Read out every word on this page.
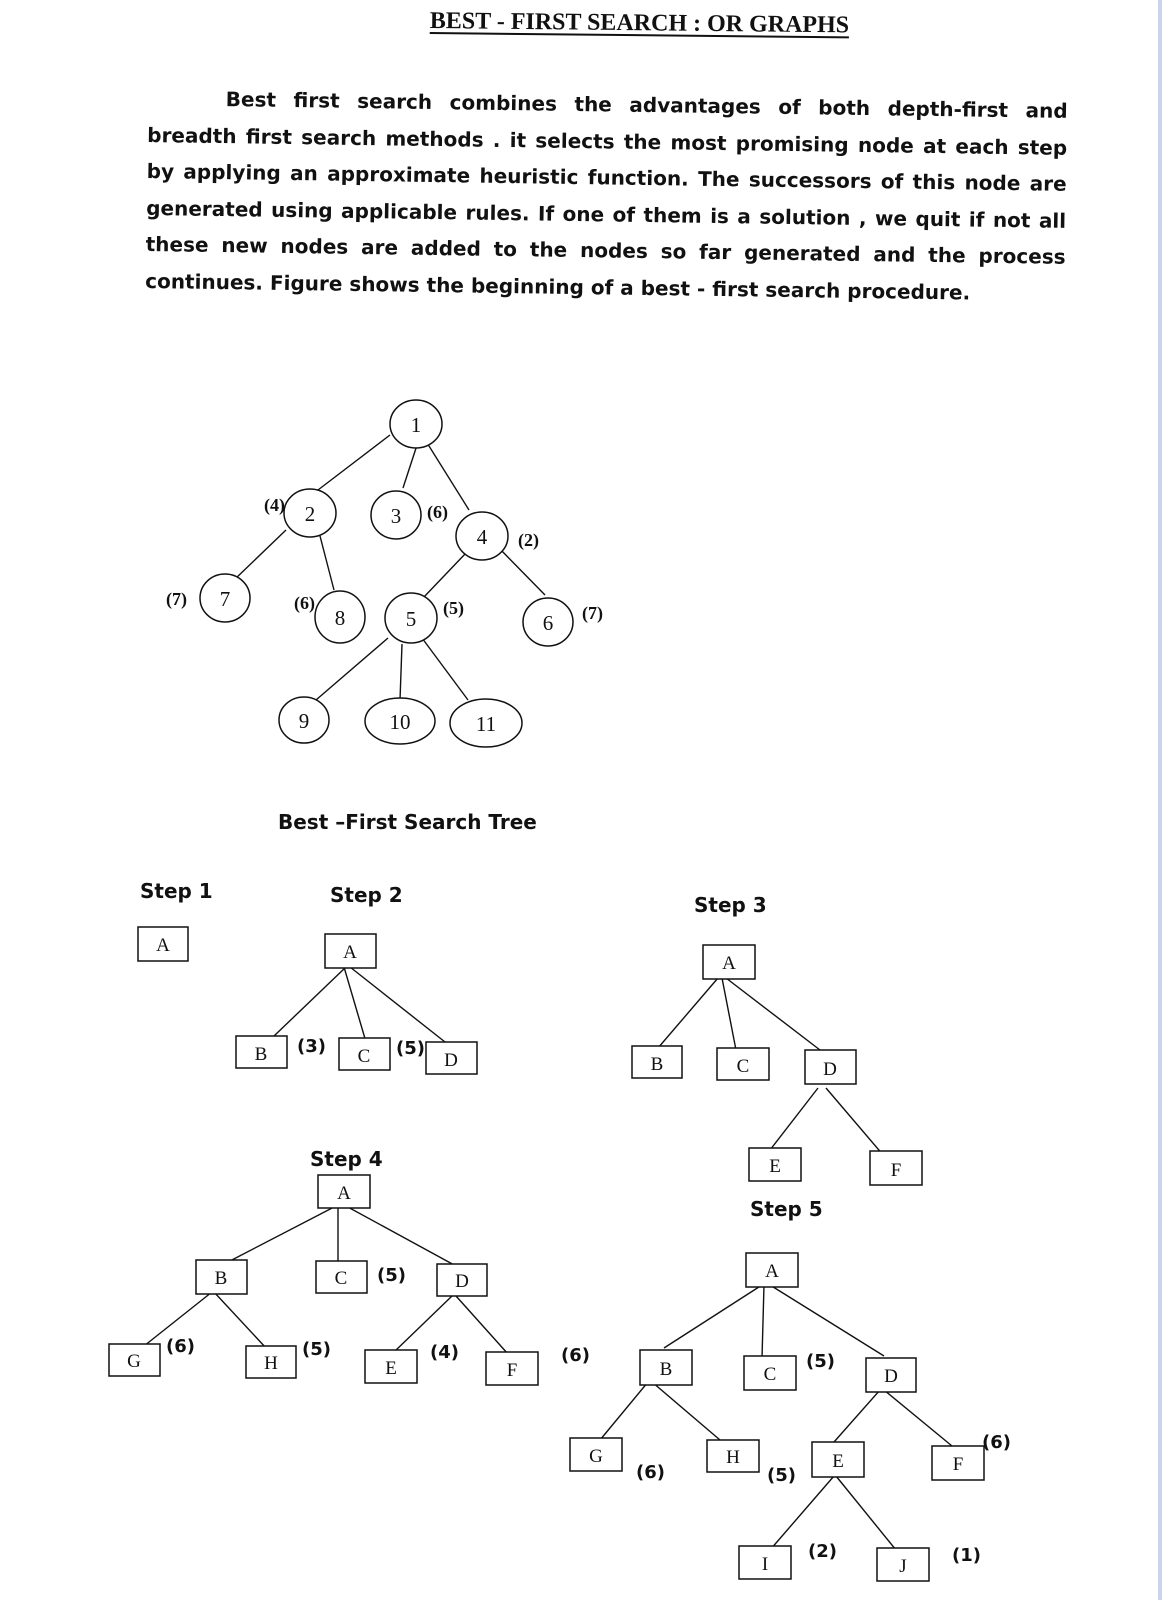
BEST - FIRST SEARCH : OR GRAPHS

Best first search combines the advantages of both depth-first and breadth first search methods . it selects the most promising node at each step by applying an approximate heuristic function. The successors of this node are generated using applicable rules. If one of them is a solution , we quit if not all these new nodes are added to the nodes so far generated and the process continues. Figure shows the beginning of a best - first search procedure.

1
2	3
4
7
8	5	6
9	10	11
(4)	(6)
(2)
(7)	(6)	(5)	(7)
Best –First Search Tree
Step 1
A
Step 2
A
B	C	D
(3)	(5)
Step 3
A
B	C	D
E	F
Step 4
A
B	C	D
G	H	E	F
(6)	(5)
(5)
(4)	(6)
Step 5
A
B	C	D
G	H	E	F
I	J
(5)
(6)
(6)	(5)
(2)	(1)
